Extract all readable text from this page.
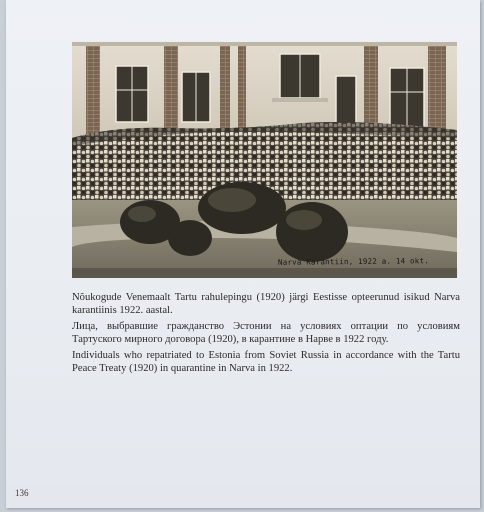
Narva Karantiin, 1922 a. 14 okt.

Nõukogude Venemaalt Tartu rahulepingu (1920) järgi Eestisse opteerunud isikud Narva karantiinis 1922. aastal.

Лица, выбравшие гражданство Эстонии на условиях оптации по условиям Тартуского мирного договора (1920), в карантине в Нарве в 1922 году.

Individuals who repatriated to Estonia from Soviet Russia in accordance with the Tartu Peace Treaty (1920) in quarantine in Narva in 1922.

136
